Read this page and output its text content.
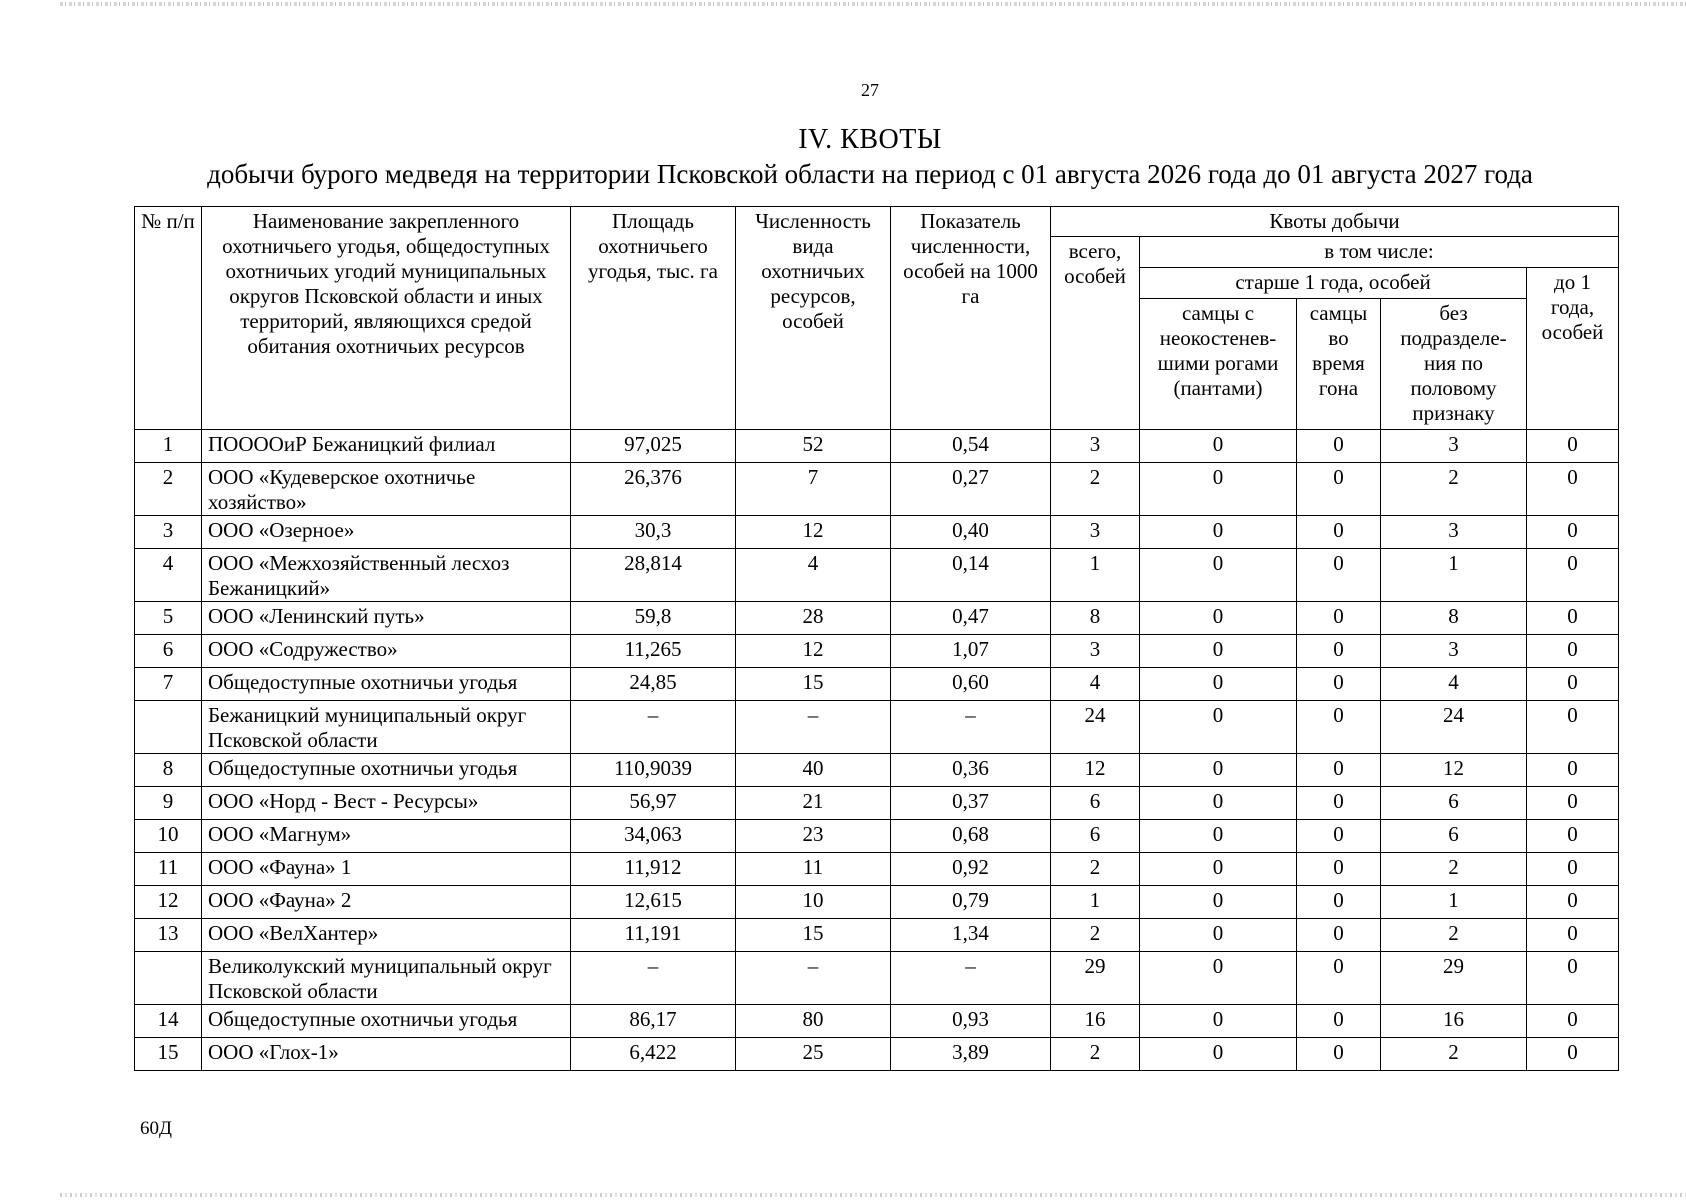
27
IV. КВОТЫ
добычи бурого медведя на территории Псковской области на период с 01 августа 2026 года до 01 августа 2027 года
№ п/п	Наименование закрепленного охотничьего угодья, общедоступных охотничьих угодий муниципальных округов Псковской области и иных территорий, являющихся средой обитания охотничьих ресурсов	Площадь охотничьего угодья, тыс. га	Численность вида охотничьих ресурсов, особей	Показатель численности, особей на 1000 га	Квоты добычи				
					всего, особей	в том числе:			
						старше 1 года, особей			до 1 года, особей
						самцы с неокостенев-шими рогами (пантами)	самцы во время гона	без подразделе-ния по половому признаку	
1	ПООООиР Бежаницкий филиал	97,025	52	0,54	3	0	0	3	0
2	ООО «Кудеверское охотничье хозяйство»	26,376	7	0,27	2	0	0	2	0
3	ООО «Озерное»	30,3	12	0,40	3	0	0	3	0
4	ООО «Межхозяйственный лесхоз Бежаницкий»	28,814	4	0,14	1	0	0	1	0
5	ООО «Ленинский путь»	59,8	28	0,47	8	0	0	8	0
6	ООО «Содружество»	11,265	12	1,07	3	0	0	3	0
7	Общедоступные охотничьи угодья	24,85	15	0,60	4	0	0	4	0
	Бежаницкий муниципальный округ Псковской области	–	–	–	24	0	0	24	0
8	Общедоступные охотничьи угодья	110,9039	40	0,36	12	0	0	12	0
9	ООО «Норд - Вест - Ресурсы»	56,97	21	0,37	6	0	0	6	0
10	ООО «Магнум»	34,063	23	0,68	6	0	0	6	0
11	ООО «Фауна» 1	11,912	11	0,92	2	0	0	2	0
12	ООО «Фауна» 2	12,615	10	0,79	1	0	0	1	0
13	ООО «ВелХантер»	11,191	15	1,34	2	0	0	2	0
	Великолукский муниципальный округ Псковской области	–	–	–	29	0	0	29	0
14	Общедоступные охотничьи угодья	86,17	80	0,93	16	0	0	16	0
15	ООО «Глох-1»	6,422	25	3,89	2	0	0	2	0
60Д
